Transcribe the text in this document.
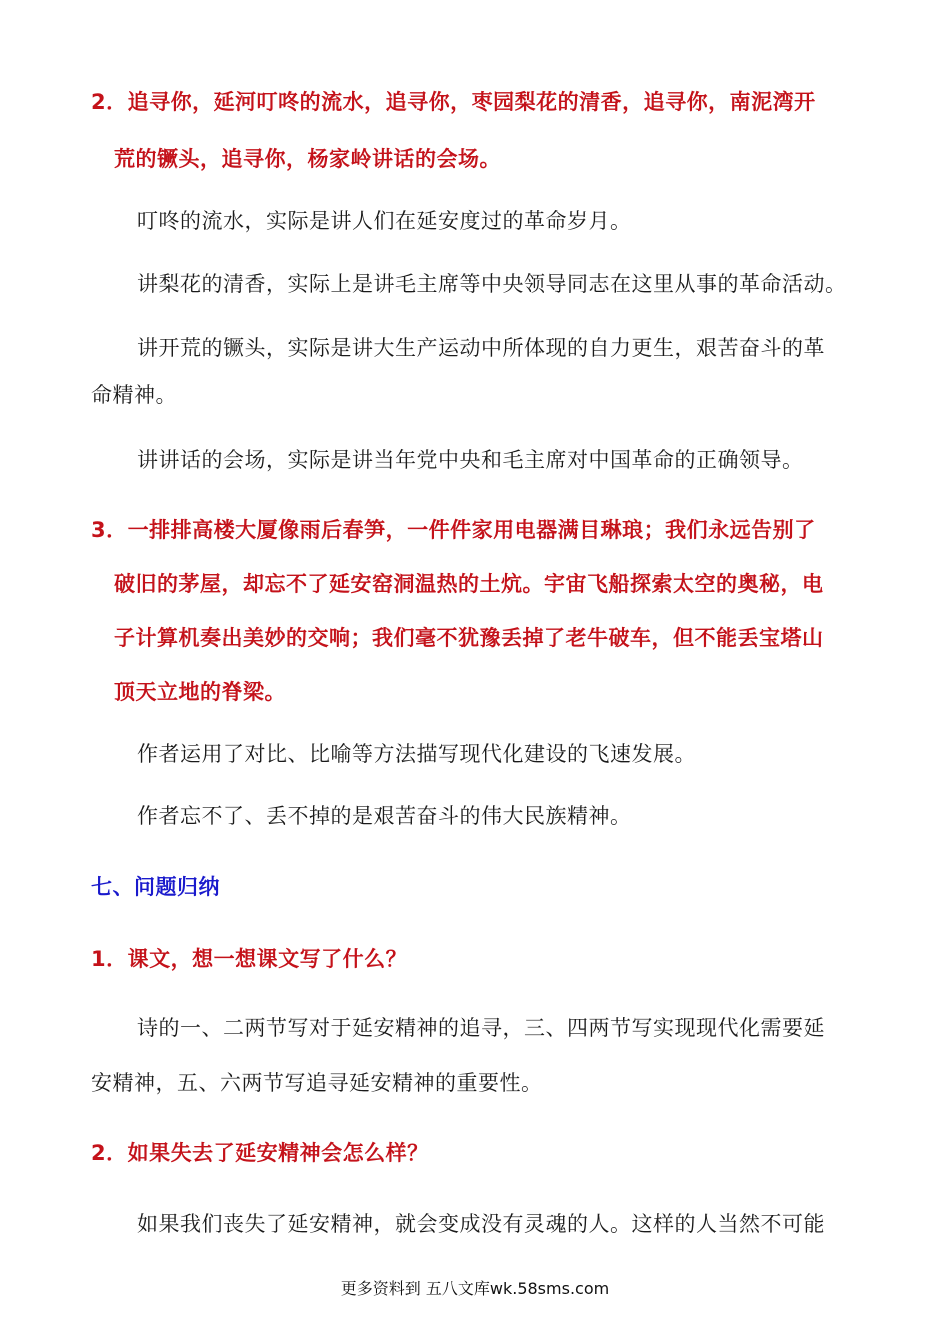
2．追寻你，延河叮咚的流水，追寻你，枣园梨花的清香，追寻你，南泥湾开
荒的镢头，追寻你，杨家岭讲话的会场。
叮咚的流水，实际是讲人们在延安度过的革命岁月。
讲梨花的清香，实际上是讲毛主席等中央领导同志在这里从事的革命活动。
讲开荒的镢头，实际是讲大生产运动中所体现的自力更生，艰苦奋斗的革
命精神。
讲讲话的会场，实际是讲当年党中央和毛主席对中国革命的正确领导。
3．一排排高楼大厦像雨后春笋，一件件家用电器满目琳琅；我们永远告别了
破旧的茅屋，却忘不了延安窑洞温热的土炕。宇宙飞船探索太空的奥秘，电
子计算机奏出美妙的交响；我们毫不犹豫丢掉了老牛破车，但不能丢宝塔山
顶天立地的脊梁。
作者运用了对比、比喻等方法描写现代化建设的飞速发展。
作者忘不了、丢不掉的是艰苦奋斗的伟大民族精神。
七、问题归纳
1．课文，想一想课文写了什么？
诗的一、二两节写对于延安精神的追寻，三、四两节写实现现代化需要延
安精神，五、六两节写追寻延安精神的重要性。
2．如果失去了延安精神会怎么样？
如果我们丧失了延安精神，就会变成没有灵魂的人。这样的人当然不可能
更多资料到 五八文库wk.58sms.com
